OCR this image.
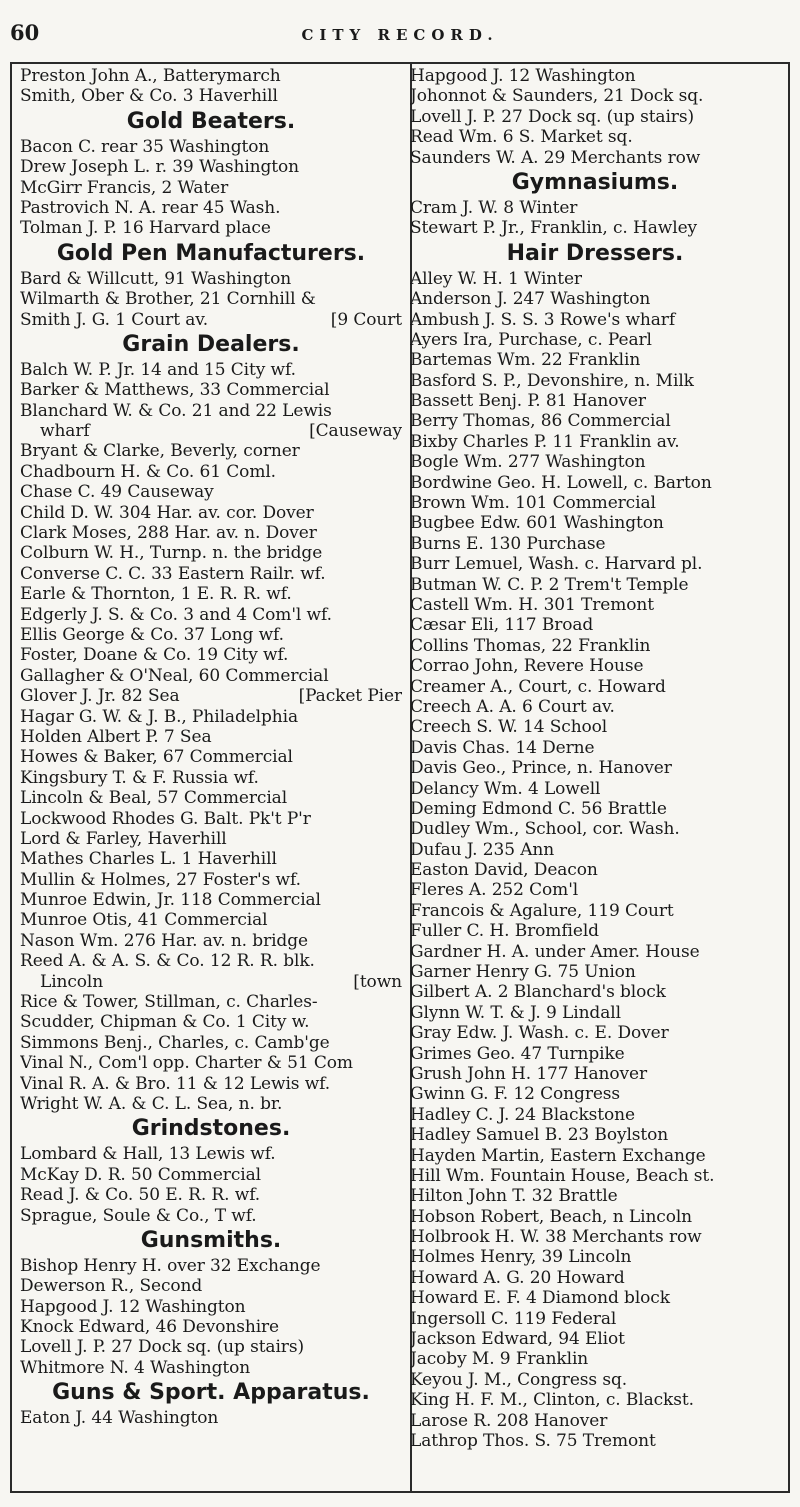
60	CITY RECORD.
Preston John A., Batterymarch
Smith, Ober & Co. 3 Haverhill
Gold Beaters.
Bacon C. rear 35 Washington
Drew Joseph L. r. 39 Washington
McGirr Francis, 2 Water
Pastrovich N. A. rear 45 Wash.
Tolman J. P. 16 Harvard place
Gold Pen Manufacturers.
Bard & Willcutt, 91 Washington
Wilmarth & Brother, 21 Cornhill &
Smith J. G. 1 Court av.	[9 Court
Grain Dealers.
Balch W. P. Jr. 14 and 15 City wf.
Barker & Matthews, 33 Commercial
Blanchard W. & Co. 21 and 22 Lewis
wharf	[Causeway
Bryant & Clarke, Beverly, corner
Chadbourn H. & Co. 61 Coml.
Chase C. 49 Causeway
Child D. W. 304 Har. av. cor. Dover
Clark Moses, 288 Har. av. n. Dover
Colburn W. H., Turnp. n. the bridge
Converse C. C. 33 Eastern Railr. wf.
Earle & Thornton, 1 E. R. R. wf.
Edgerly J. S. & Co. 3 and 4 Com'l wf.
Ellis George & Co. 37 Long wf.
Foster, Doane & Co. 19 City wf.
Gallagher & O'Neal, 60 Commercial
Glover J. Jr. 82 Sea	[Packet Pier
Hagar G. W. & J. B., Philadelphia
Holden Albert P. 7 Sea
Howes & Baker, 67 Commercial
Kingsbury T. & F. Russia wf.
Lincoln & Beal, 57 Commercial
Lockwood Rhodes G. Balt. Pk't P'r
Lord & Farley, Haverhill
Mathes Charles L. 1 Haverhill
Mullin & Holmes, 27 Foster's wf.
Munroe Edwin, Jr. 118 Commercial
Munroe Otis, 41 Commercial
Nason Wm. 276 Har. av. n. bridge
Reed A. & A. S. & Co. 12 R. R. blk.
Lincoln	[town
Rice & Tower, Stillman, c. Charles-
Scudder, Chipman & Co. 1 City w.
Simmons Benj., Charles, c. Camb'ge
Vinal N., Com'l opp. Charter & 51 Com
Vinal R. A. & Bro. 11 & 12 Lewis wf.
Wright W. A. & C. L. Sea, n. br.
Grindstones.
Lombard & Hall, 13 Lewis wf.
McKay D. R. 50 Commercial
Read J. & Co. 50 E. R. R. wf.
Sprague, Soule & Co., T wf.
Gunsmiths.
Bishop Henry H. over 32 Exchange
Dewerson R., Second
Hapgood J. 12 Washington
Knock Edward, 46 Devonshire
Lovell J. P. 27 Dock sq. (up stairs)
Whitmore N. 4 Washington
Guns & Sport. Apparatus.
Eaton J. 44 Washington
Hapgood J. 12 Washington
Johonnot & Saunders, 21 Dock sq.
Lovell J. P. 27 Dock sq. (up stairs)
Read Wm. 6 S. Market sq.
Saunders W. A. 29 Merchants row
Gymnasiums.
Cram J. W. 8 Winter
Stewart P. Jr., Franklin, c. Hawley
Hair Dressers.
Alley W. H. 1 Winter
Anderson J. 247 Washington
Ambush J. S. S. 3 Rowe's wharf
Ayers Ira, Purchase, c. Pearl
Bartemas Wm. 22 Franklin
Basford S. P., Devonshire, n. Milk
Bassett Benj. P. 81 Hanover
Berry Thomas, 86 Commercial
Bixby Charles P. 11 Franklin av.
Bogle Wm. 277 Washington
Bordwine Geo. H. Lowell, c. Barton
Brown Wm. 101 Commercial
Bugbee Edw. 601 Washington
Burns E. 130 Purchase
Burr Lemuel, Wash. c. Harvard pl.
Butman W. C. P. 2 Trem't Temple
Castell Wm. H. 301 Tremont
Cæsar Eli, 117 Broad
Collins Thomas, 22 Franklin
Corrao John, Revere House
Creamer A., Court, c. Howard
Creech A. A. 6 Court av.
Creech S. W. 14 School
Davis Chas. 14 Derne
Davis Geo., Prince, n. Hanover
Delancy Wm. 4 Lowell
Deming Edmond C. 56 Brattle
Dudley Wm., School, cor. Wash.
Dufau J. 235 Ann
Easton David, Deacon
Fleres A. 252 Com'l
Francois & Agalure, 119 Court
Fuller C. H. Bromfield
Gardner H. A. under Amer. House
Garner Henry G. 75 Union
Gilbert A. 2 Blanchard's block
Glynn W. T. & J. 9 Lindall
Gray Edw. J. Wash. c. E. Dover
Grimes Geo. 47 Turnpike
Grush John H. 177 Hanover
Gwinn G. F. 12 Congress
Hadley C. J. 24 Blackstone
Hadley Samuel B. 23 Boylston
Hayden Martin, Eastern Exchange
Hill Wm. Fountain House, Beach st.
Hilton John T. 32 Brattle
Hobson Robert, Beach, n Lincoln
Holbrook H. W. 38 Merchants row
Holmes Henry, 39 Lincoln
Howard A. G. 20 Howard
Howard E. F. 4 Diamond block
Ingersoll C. 119 Federal
Jackson Edward, 94 Eliot
Jacoby M. 9 Franklin
Keyou J. M., Congress sq.
King H. F. M., Clinton, c. Blackst.
Larose R. 208 Hanover
Lathrop Thos. S. 75 Tremont
